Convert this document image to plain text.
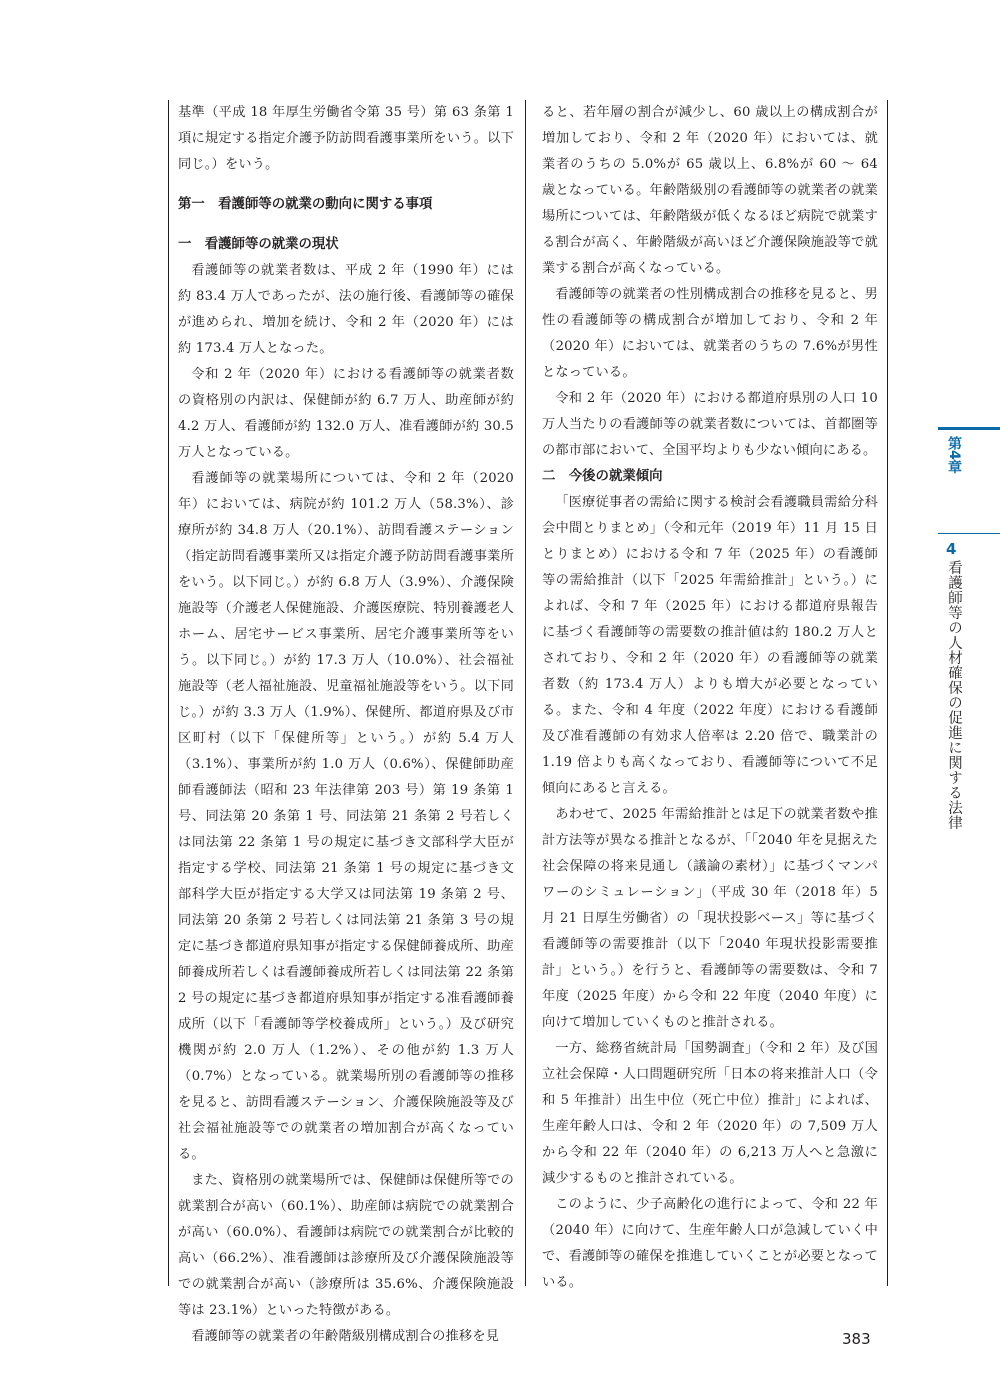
基準（平成 18 年厚生労働省令第 35 号）第 63 条第 1 項に規定する指定介護予防訪問看護事業所をいう。以下同じ。）をいう。

第一　看護師等の就業の動向に関する事項
一　看護師等の就業の現状

看護師等の就業者数は、平成 2 年（1990 年）には約 83.4 万人であったが、法の施行後、看護師等の確保が進められ、増加を続け、令和 2 年（2020 年）には約 173.4 万人となった。

令和 2 年（2020 年）における看護師等の就業者数の資格別の内訳は、保健師が約 6.7 万人、助産師が約 4.2 万人、看護師が約 132.0 万人、准看護師が約 30.5 万人となっている。

看護師等の就業場所については、令和 2 年（2020 年）においては、病院が約 101.2 万人（58.3%）、診療所が約 34.8 万人（20.1%）、訪問看護ステーション（指定訪問看護事業所又は指定介護予防訪問看護事業所をいう。以下同じ。）が約 6.8 万人（3.9%）、介護保険施設等（介護老人保健施設、介護医療院、特別養護老人ホーム、居宅サービス事業所、居宅介護事業所等をいう。以下同じ。）が約 17.3 万人（10.0%）、社会福祉施設等（老人福祉施設、児童福祉施設等をいう。以下同じ。）が約 3.3 万人（1.9%）、保健所、都道府県及び市区町村（以下「保健所等」という。）が約 5.4 万人（3.1%）、事業所が約 1.0 万人（0.6%）、保健師助産師看護師法（昭和 23 年法律第 203 号）第 19 条第 1 号、同法第 20 条第 1 号、同法第 21 条第 2 号若しくは同法第 22 条第 1 号の規定に基づき文部科学大臣が指定する学校、同法第 21 条第 1 号の規定に基づき文部科学大臣が指定する大学又は同法第 19 条第 2 号、同法第 20 条第 2 号若しくは同法第 21 条第 3 号の規定に基づき都道府県知事が指定する保健師養成所、助産師養成所若しくは看護師養成所若しくは同法第 22 条第 2 号の規定に基づき都道府県知事が指定する准看護師養成所（以下「看護師等学校養成所」という。）及び研究機関が約 2.0 万人（1.2%）、その他が約 1.3 万人（0.7%）となっている。就業場所別の看護師等の推移を見ると、訪問看護ステーション、介護保険施設等及び社会福祉施設等での就業者の増加割合が高くなっている。

また、資格別の就業場所では、保健師は保健所等での就業割合が高い（60.1%）、助産師は病院での就業割合が高い（60.0%）、看護師は病院での就業割合が比較的高い（66.2%）、准看護師は診療所及び介護保険施設等での就業割合が高い（診療所は 35.6%、介護保険施設等は 23.1%）といった特徴がある。

看護師等の就業者の年齢階級別構成割合の推移を見

ると、若年層の割合が減少し、60 歳以上の構成割合が増加しており、令和 2 年（2020 年）においては、就業者のうちの 5.0%が 65 歳以上、6.8%が 60 ～ 64 歳となっている。年齢階級別の看護師等の就業者の就業場所については、年齢階級が低くなるほど病院で就業する割合が高く、年齢階級が高いほど介護保険施設等で就業する割合が高くなっている。

看護師等の就業者の性別構成割合の推移を見ると、男性の看護師等の構成割合が増加しており、令和 2 年（2020 年）においては、就業者のうちの 7.6%が男性となっている。

令和 2 年（2020 年）における都道府県別の人口 10 万人当たりの看護師等の就業者数については、首都圏等の都市部において、全国平均よりも少ない傾向にある。

二　今後の就業傾向

「医療従事者の需給に関する検討会看護職員需給分科会中間とりまとめ」（令和元年（2019 年）11 月 15 日とりまとめ）における令和 7 年（2025 年）の看護師等の需給推計（以下「2025 年需給推計」という。）によれば、令和 7 年（2025 年）における都道府県報告に基づく看護師等の需要数の推計値は約 180.2 万人とされており、令和 2 年（2020 年）の看護師等の就業者数（約 173.4 万人）よりも増大が必要となっている。また、令和 4 年度（2022 年度）における看護師及び准看護師の有効求人倍率は 2.20 倍で、職業計の 1.19 倍よりも高くなっており、看護師等について不足傾向にあると言える。

あわせて、2025 年需給推計とは足下の就業者数や推計方法等が異なる推計となるが、「「2040 年を見据えた社会保障の将来見通し（議論の素材）」に基づくマンパワーのシミュレーション」（平成 30 年（2018 年）5 月 21 日厚生労働省）の「現状投影ベース」等に基づく看護師等の需要推計（以下「2040 年現状投影需要推計」という。）を行うと、看護師等の需要数は、令和 7 年度（2025 年度）から令和 22 年度（2040 年度）に向けて増加していくものと推計される。

一方、総務省統計局「国勢調査」（令和 2 年）及び国立社会保障・人口問題研究所「日本の将来推計人口（令和 5 年推計）出生中位（死亡中位）推計」によれば、生産年齢人口は、令和 2 年（2020 年）の 7,509 万人から令和 22 年（2040 年）の 6,213 万人へと急激に減少するものと推計されている。

このように、少子高齢化の進行によって、令和 22 年（2040 年）に向けて、生産年齢人口が急減していく中で、看護師等の確保を推進していくことが必要となっている。

第4章
4
看護師等の人材確保の促進に関する法律
383
